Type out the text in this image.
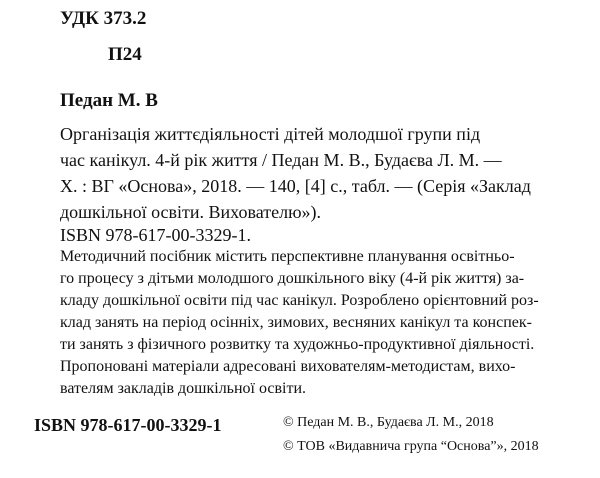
УДК 373.2
П24
Педан М. В
Організація життєдіяльності дітей молодшої групи під
час канікул. 4-й рік життя / Педан М. В., Будаєва Л. М. —
Х. : ВГ «Основа», 2018. — 140, [4] с., табл. — (Серія «Заклад
дошкільної освіти. Вихователю»).
ISBN 978-617-00-3329-1.
Методичний посібник містить перспективне планування освітньо-
го процесу з дітьми молодшого дошкільного віку (4-й рік життя) за-
кладу дошкільної освіти під час канікул. Розроблено орієнтовний роз-
клад занять на період осінніх, зимових, весняних канікул та конспек-
ти занять з фізичного розвитку та художньо-продуктивної діяльності.
Пропоновані матеріали адресовані вихователям-методистам, вихо-
вателям закладів дошкільної освіти.
ISBN 978-617-00-3329-1	© Педан М. В., Будаєва Л. М., 2018
© ТОВ «Видавнича група “Основа”», 2018
